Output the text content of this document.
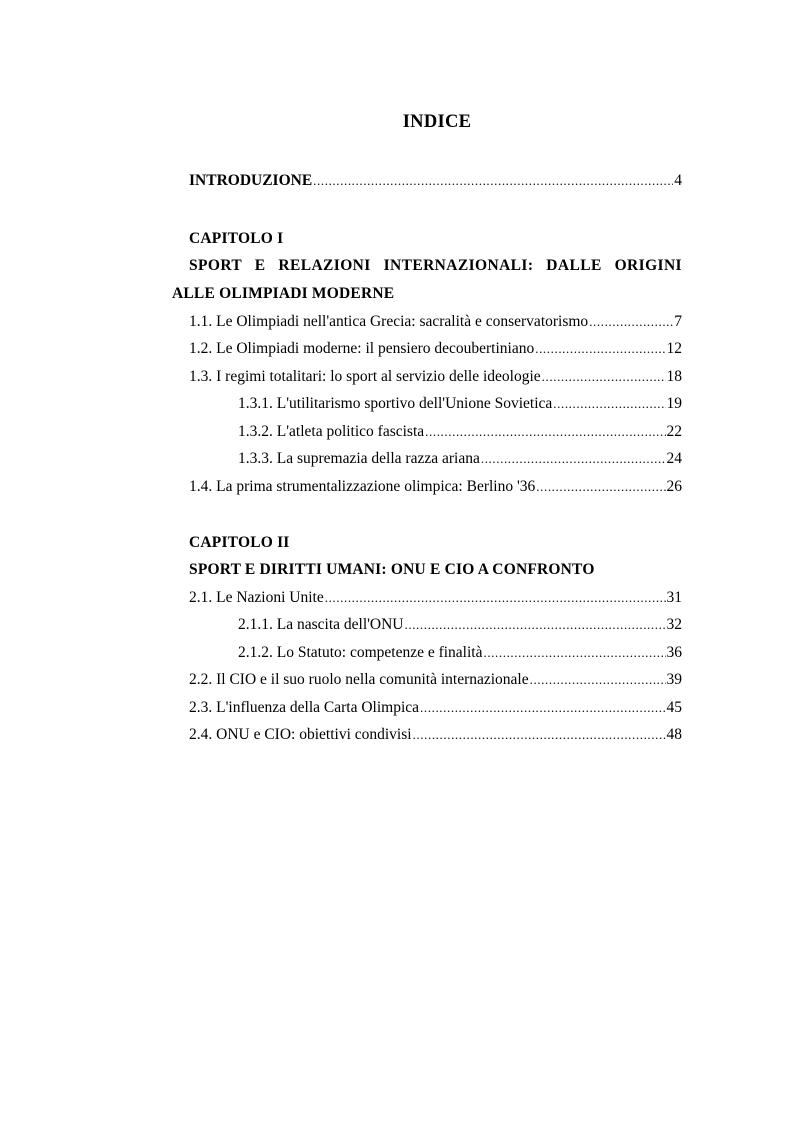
INDICE
INTRODUZIONE .....	4
CAPITOLO I
SPORT E RELAZIONI INTERNAZIONALI: DALLE ORIGINI
ALLE OLIMPIADI MODERNE
1.1. Le Olimpiadi nell'antica Grecia: sacralità e conservatorismo .....	7
1.2. Le Olimpiadi moderne: il pensiero decoubertiniano .....	12
1.3. I regimi totalitari: lo sport al servizio delle ideologie .....	18
1.3.1. L'utilitarismo sportivo dell'Unione Sovietica .....	19
1.3.2. L'atleta politico fascista .....	22
1.3.3. La supremazia della razza ariana .....	24
1.4. La prima strumentalizzazione olimpica: Berlino '36 .....	26
CAPITOLO II
SPORT E DIRITTI UMANI: ONU E CIO A CONFRONTO
2.1. Le Nazioni Unite .....	31
2.1.1. La nascita dell'ONU .....	32
2.1.2. Lo Statuto: competenze e finalità .....	36
2.2. Il CIO e il suo ruolo nella comunità internazionale .....	39
2.3. L'influenza della Carta Olimpica .....	45
2.4. ONU e CIO: obiettivi condivisi .....	48
